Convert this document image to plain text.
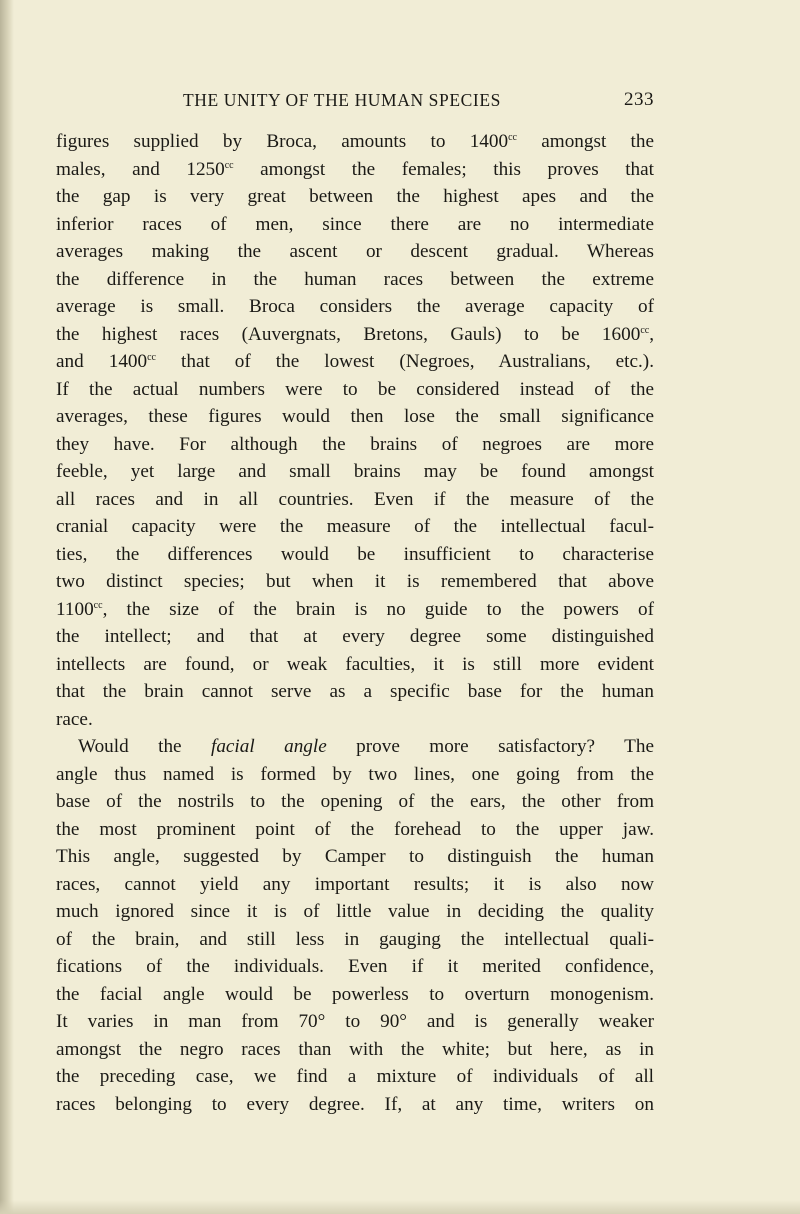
THE UNITY OF THE HUMAN SPECIES	233
figures supplied by Broca, amounts to $1400^{cc}$ amongst the
males, and $1250^{cc}$ amongst the females; this proves that
the gap is very great between the highest apes and the
inferior races of men, since there are no intermediate
averages making the ascent or descent gradual. Whereas
the difference in the human races between the extreme
average is small. Broca considers the average capacity of
the highest races (Auvergnats, Bretons, Gauls) to be $1600^{cc}$,
and $1400^{cc}$ that of the lowest (Negroes, Australians, etc.).
If the actual numbers were to be considered instead of the
averages, these figures would then lose the small significance
they have. For although the brains of negroes are more
feeble, yet large and small brains may be found amongst
all races and in all countries. Even if the measure of the
cranial capacity were the measure of the intellectual facul-
ties, the differences would be insufficient to characterise
two distinct species; but when it is remembered that above
$1100^{cc}$, the size of the brain is no guide to the powers of
the intellect; and that at every degree some distinguished
intellects are found, or weak faculties, it is still more evident
that the brain cannot serve as a specific base for the human
race.
Would the facial angle prove more satisfactory? The
angle thus named is formed by two lines, one going from the
base of the nostrils to the opening of the ears, the other from
the most prominent point of the forehead to the upper jaw.
This angle, suggested by Camper to distinguish the human
races, cannot yield any important results; it is also now
much ignored since it is of little value in deciding the quality
of the brain, and still less in gauging the intellectual quali-
fications of the individuals. Even if it merited confidence,
the facial angle would be powerless to overturn monogenism.
It varies in man from 70° to 90° and is generally weaker
amongst the negro races than with the white; but here, as in
the preceding case, we find a mixture of individuals of all
races belonging to every degree. If, at any time, writers on
